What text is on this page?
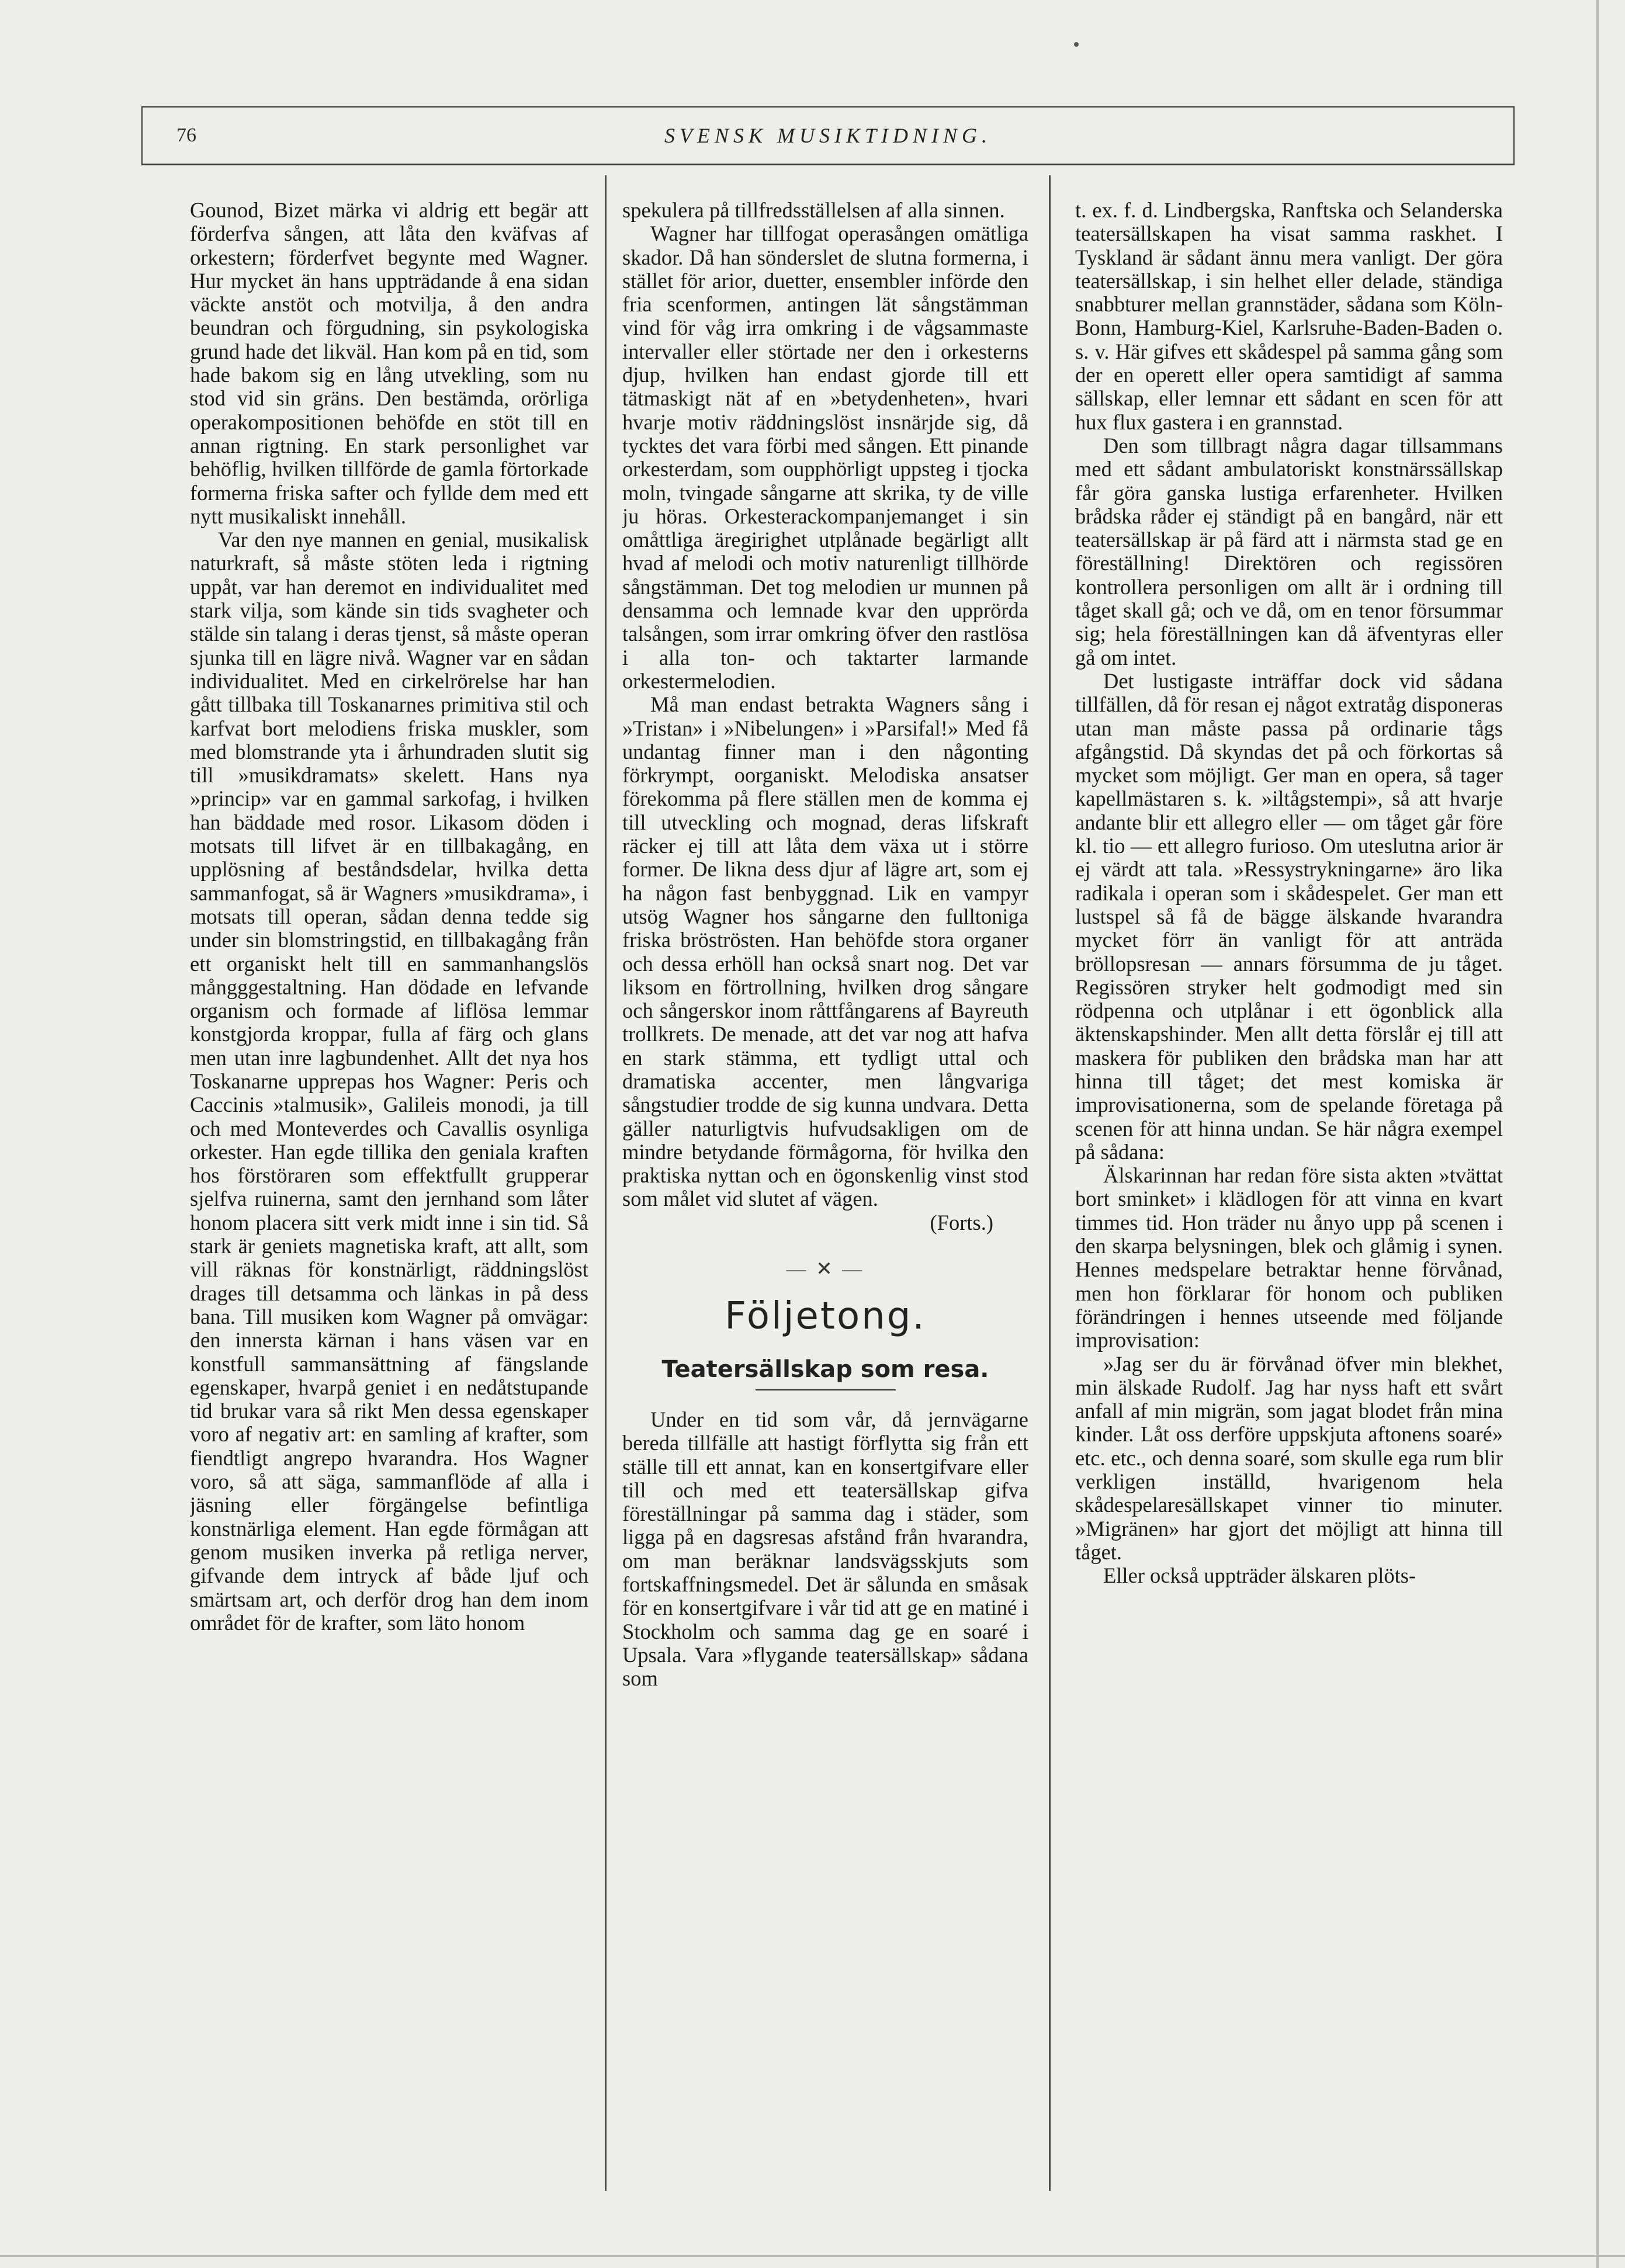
76	SVENSK MUSIKTIDNING.

Gounod, Bizet märka vi aldrig ett begär att förderfva sången, att låta den kväfvas af orkestern; förderfvet begynte med Wagner. Hur mycket än hans uppträdande å ena sidan väckte anstöt och motvilja, å den andra beundran och förgudning, sin psykologiska grund hade det likväl. Han kom på en tid, som hade bakom sig en lång utvekling, som nu stod vid sin gräns. Den bestämda, orörliga operakompositionen behöfde en stöt till en annan rigtning. En stark personlighet var behöflig, hvilken tillförde de gamla förtorkade formerna friska safter och fyllde dem med ett nytt musikaliskt innehåll.

Var den nye mannen en genial, musikalisk naturkraft, så måste stöten leda i rigtning uppåt, var han deremot en individualitet med stark vilja, som kände sin tids svagheter och stälde sin talang i deras tjenst, så måste operan sjunka till en lägre nivå. Wagner var en sådan individualitet. Med en cirkelrörelse har han gått tillbaka till Toskanarnes primitiva stil och karfvat bort melodiens friska muskler, som med blomstrande yta i århundraden slutit sig till »musikdramats» skelett. Hans nya »princip» var en gammal sarkofag, i hvilken han bäddade med rosor. Likasom döden i motsats till lifvet är en tillbakagång, en upplösning af beståndsdelar, hvilka detta sammanfogat, så är Wagners »musikdrama», i motsats till operan, sådan denna tedde sig under sin blomstringstid, en tillbakagång från ett organiskt helt till en sammanhangslös mångggestaltning. Han dödade en lefvande organism och formade af liflösa lemmar konstgjorda kroppar, fulla af färg och glans men utan inre lagbundenhet. Allt det nya hos Toskanarne upprepas hos Wagner: Peris och Caccinis »talmusik», Galileis monodi, ja till och med Monteverdes och Cavallis osynliga orkester. Han egde tillika den geniala kraften hos förstöraren som effektfullt grupperar sjelfva ruinerna, samt den jernhand som låter honom placera sitt verk midt inne i sin tid. Så stark är geniets magnetiska kraft, att allt, som vill räknas för konstnärligt, räddningslöst drages till detsamma och länkas in på dess bana. Till musiken kom Wagner på omvägar: den innersta kärnan i hans väsen var en konstfull sammansättning af fängslande egenskaper, hvarpå geniet i en nedåtstupande tid brukar vara så rikt Men dessa egenskaper voro af negativ art: en samling af krafter, som fiendtligt angrepo hvarandra. Hos Wagner voro, så att säga, sammanflöde af alla i jäsning eller förgängelse befintliga konstnärliga element. Han egde förmågan att genom musiken inverka på retliga nerver, gifvande dem intryck af både ljuf och smärtsam art, och derför drog han dem inom området för de krafter, som läto honom

spekulera på tillfredsställelsen af alla sinnen.

Wagner har tillfogat operasången omätliga skador. Då han sönderslet de slutna formerna, i stället för arior, duetter, ensembler införde den fria scenformen, antingen lät sångstämman vind för våg irra omkring i de vågsammaste intervaller eller störtade ner den i orkesterns djup, hvilken han endast gjorde till ett tätmaskigt nät af en »betydenheten», hvari hvarje motiv räddningslöst insnärjde sig, då tycktes det vara förbi med sången. Ett pinande orkesterdam, som oupphörligt uppsteg i tjocka moln, tvingade sångarne att skrika, ty de ville ju höras. Orkesterackompanjemanget i sin omåttliga äregirighet utplånade begärligt allt hvad af melodi och motiv naturenligt tillhörde sångstämman. Det tog melodien ur munnen på densamma och lemnade kvar den upprörda talsången, som irrar omkring öfver den rastlösa i alla ton- och taktarter larmande orkestermelodien.

Må man endast betrakta Wagners sång i »Tristan» i »Nibelungen» i »Parsifal!» Med få undantag finner man i den någonting förkrympt, oorganiskt. Melodiska ansatser förekomma på flere ställen men de komma ej till utveckling och mognad, deras lifskraft räcker ej till att låta dem växa ut i större former. De likna dess djur af lägre art, som ej ha någon fast benbyggnad. Lik en vampyr utsög Wagner hos sångarne den fulltoniga friska bröströsten. Han behöfde stora organer och dessa erhöll han också snart nog. Det var liksom en förtrollning, hvilken drog sångare och sångerskor inom råttfångarens af Bayreuth trollkrets. De menade, att det var nog att hafva en stark stämma, ett tydligt uttal och dramatiska accenter, men långvariga sångstudier trodde de sig kunna undvara. Detta gäller naturligtvis hufvudsakligen om de mindre betydande förmågorna, för hvilka den praktiska nyttan och en ögonskenlig vinst stod som målet vid slutet af vägen.

(Forts.)
— ✕ —
Följetong.
Teatersällskap som resa.

Under en tid som vår, då jernvägarne bereda tillfälle att hastigt förflytta sig från ett ställe till ett annat, kan en konsertgifvare eller till och med ett teatersällskap gifva föreställningar på samma dag i städer, som ligga på en dagsresas afstånd från hvarandra, om man beräknar landsvägsskjuts som fortskaffningsmedel. Det är sålunda en småsak för en konsertgifvare i vår tid att ge en matiné i Stockholm och samma dag ge en soaré i Upsala. Vara »flygande teatersällskap» sådana som

t. ex. f. d. Lindbergska, Ranftska och Selanderska teatersällskapen ha visat samma raskhet. I Tyskland är sådant ännu mera vanligt. Der göra teatersällskap, i sin helhet eller delade, ständiga snabbturer mellan grannstäder, sådana som Köln-Bonn, Hamburg-Kiel, Karlsruhe-Baden-Baden o. s. v. Här gifves ett skådespel på samma gång som der en operett eller opera samtidigt af samma sällskap, eller lemnar ett sådant en scen för att hux flux gastera i en grannstad.

Den som tillbragt några dagar tillsammans med ett sådant ambulatoriskt konstnärssällskap får göra ganska lustiga erfarenheter. Hvilken brådska råder ej ständigt på en bangård, när ett teatersällskap är på färd att i närmsta stad ge en föreställning! Direktören och regissören kontrollera personligen om allt är i ordning till tåget skall gå; och ve då, om en tenor försummar sig; hela föreställningen kan då äfventyras eller gå om intet.

Det lustigaste inträffar dock vid sådana tillfällen, då för resan ej något extratåg disponeras utan man måste passa på ordinarie tågs afgångstid. Då skyndas det på och förkortas så mycket som möjligt. Ger man en opera, så tager kapellmästaren s. k. »iltågstempi», så att hvarje andante blir ett allegro eller — om tåget går före kl. tio — ett allegro furioso. Om uteslutna arior är ej värdt att tala. »Ressystrykningarne» äro lika radikala i operan som i skådespelet. Ger man ett lustspel så få de bägge älskande hvarandra mycket förr än vanligt för att anträda bröllopsresan — annars försumma de ju tåget. Regissören stryker helt godmodigt med sin rödpenna och utplånar i ett ögonblick alla äktenskapshinder. Men allt detta förslår ej till att maskera för publiken den brådska man har att hinna till tåget; det mest komiska är improvisationerna, som de spelande företaga på scenen för att hinna undan. Se här några exempel på sådana:

Älskarinnan har redan före sista akten »tvättat bort sminket» i klädlogen för att vinna en kvart timmes tid. Hon träder nu ånyo upp på scenen i den skarpa belysningen, blek och glåmig i synen. Hennes medspelare betraktar henne förvånad, men hon förklarar för honom och publiken förändringen i hennes utseende med följande improvisation:

»Jag ser du är förvånad öfver min blekhet, min älskade Rudolf. Jag har nyss haft ett svårt anfall af min migrän, som jagat blodet från mina kinder. Låt oss derföre uppskjuta aftonens soaré» etc. etc., och denna soaré, som skulle ega rum blir verkligen inställd, hvarigenom hela skådespelaresällskapet vinner tio minuter. »Migränen» har gjort det möjligt att hinna till tåget.

Eller också uppträder älskaren plöts-
